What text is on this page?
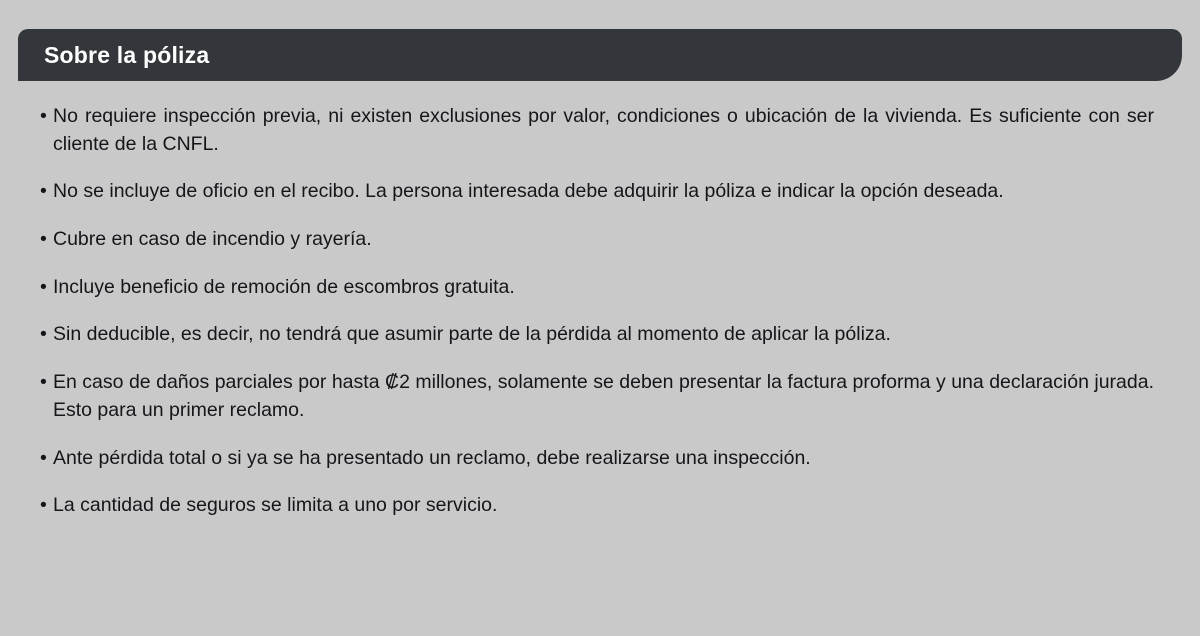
Sobre la póliza
• No requiere inspección previa, ni existen exclusiones por valor, condiciones o ubicación de la vivienda. Es suficiente con ser cliente de la CNFL.
• No se incluye de oficio en el recibo. La persona interesada debe adquirir la póliza e indicar la opción deseada.
• Cubre en caso de incendio y rayería.
• Incluye beneficio de remoción de escombros gratuita.
• Sin deducible, es decir, no tendrá que asumir parte de la pérdida al momento de aplicar la póliza.
• En caso de daños parciales por hasta ₡2 millones, solamente se deben presentar la factura proforma y una declaración jurada. Esto para un primer reclamo.
• Ante pérdida total o si ya se ha presentado un reclamo, debe realizarse una inspección.
• La cantidad de seguros se limita a uno por servicio.
